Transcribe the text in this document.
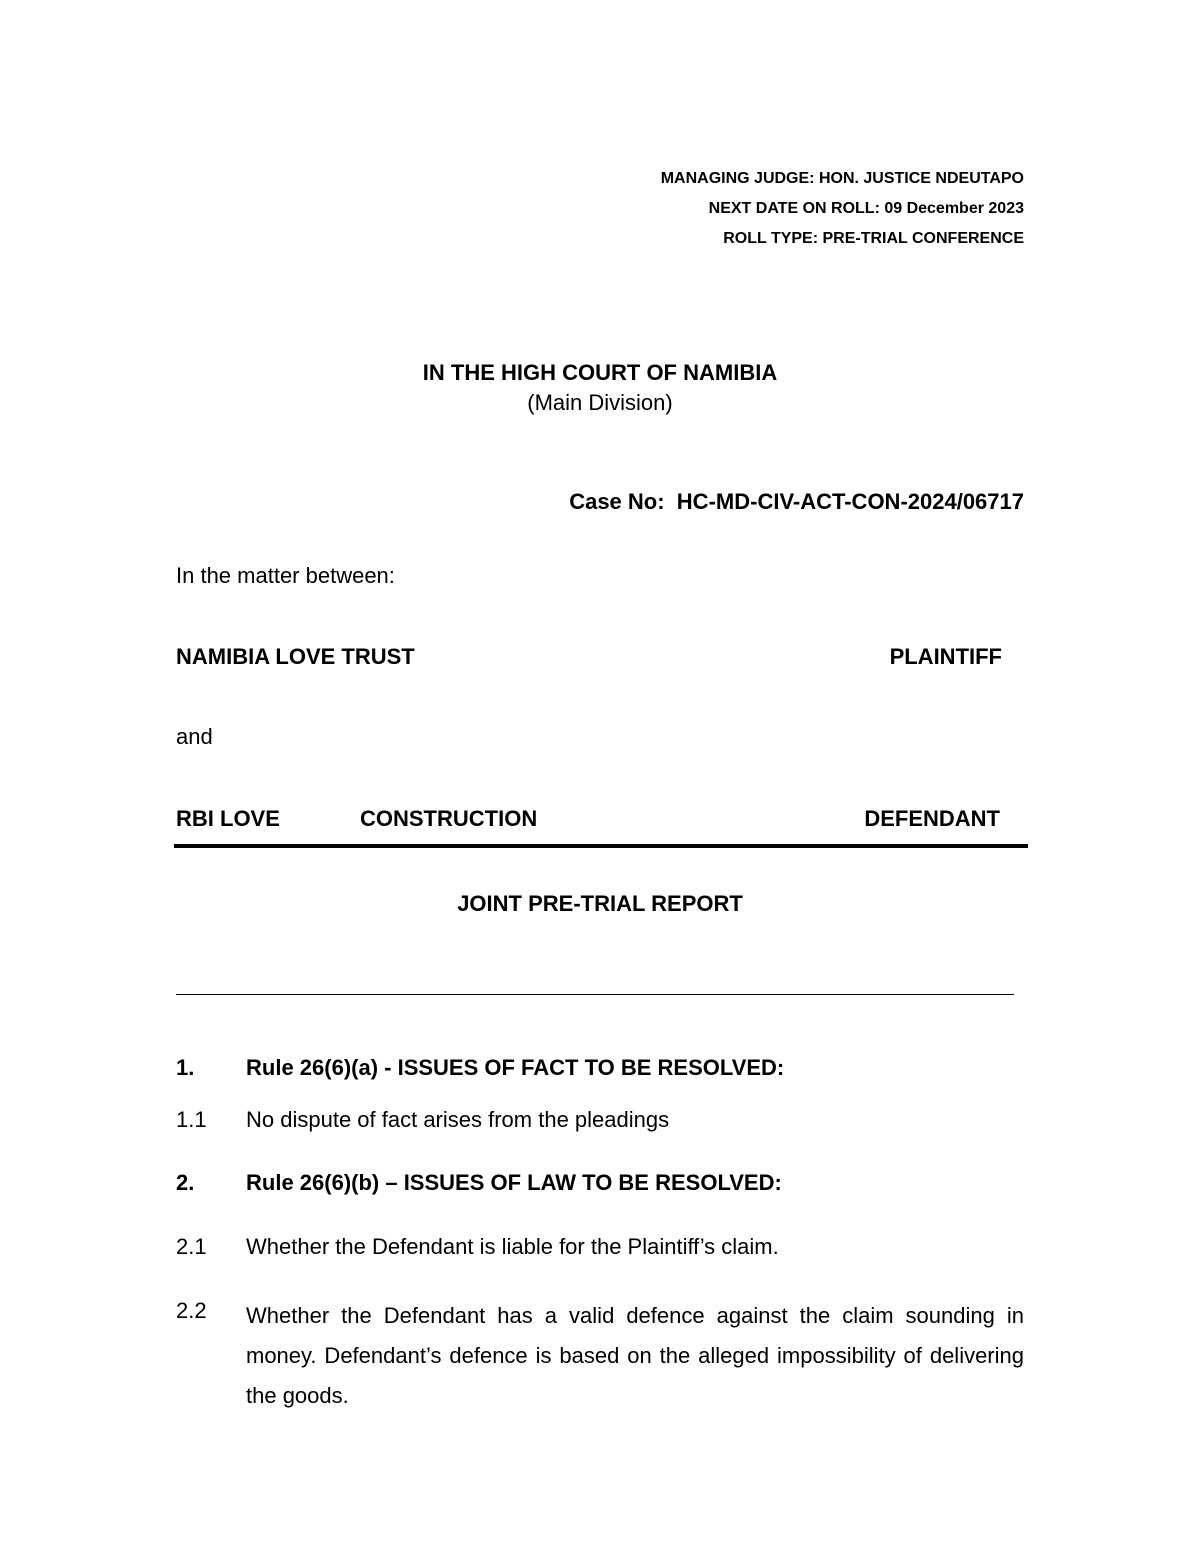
MANAGING JUDGE: HON. JUSTICE NDEUTAPO
NEXT DATE ON ROLL: 09 December 2023
ROLL TYPE: PRE-TRIAL CONFERENCE
IN THE HIGH COURT OF NAMIBIA
(Main Division)
Case No: HC-MD-CIV-ACT-CON-2024/06717
In the matter between:
NAMIBIA LOVE TRUST	PLAINTIFF
and
RBI LOVE	CONSTRUCTION	DEFENDANT
JOINT PRE-TRIAL REPORT
1. Rule 26(6)(a) - ISSUES OF FACT TO BE RESOLVED:
1.1 No dispute of fact arises from the pleadings
2. Rule 26(6)(b) – ISSUES OF LAW TO BE RESOLVED:
2.1 Whether the Defendant is liable for the Plaintiff’s claim.
2.2 Whether the Defendant has a valid defence against the claim sounding in money. Defendant’s defence is based on the alleged impossibility of delivering the goods.
